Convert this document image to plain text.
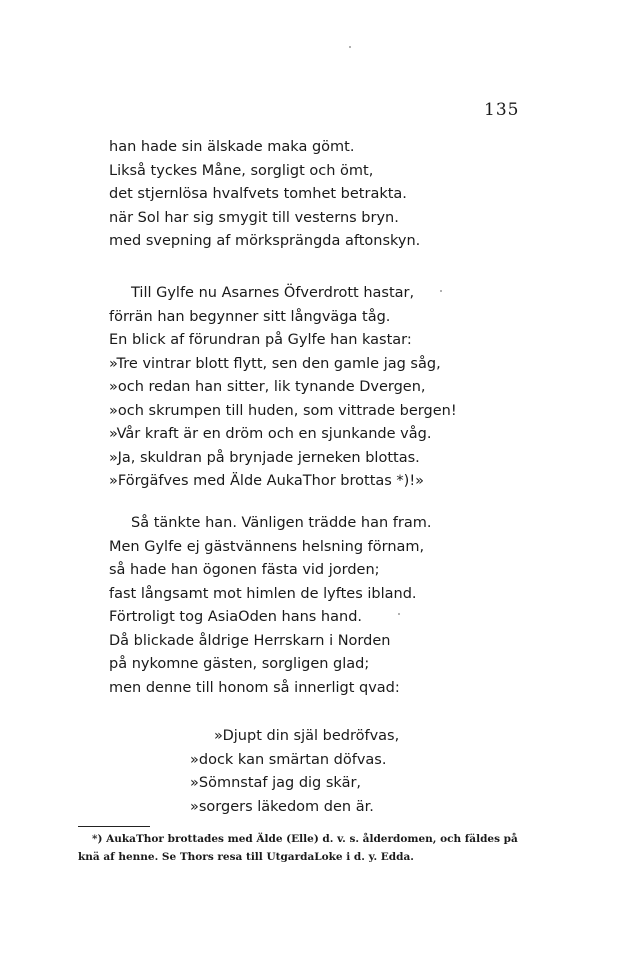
135
han hade sin älskade maka gömt.
Likså tyckes Måne, sorgligt och ömt,
det stjernlösa hvalfvets tomhet betrakta.
när Sol har sig smygit till vesterns bryn.
med svepning af mörksprängda aftonskyn.
Till Gylfe nu Asarnes Öfverdrott hastar,
förrän han begynner sitt långväga tåg.
En blick af förundran på Gylfe han kastar:
»Tre vintrar blott flytt, sen den gamle jag såg,
»och redan han sitter, lik tynande Dvergen,
»och skrumpen till huden, som vittrade bergen!
»Vår kraft är en dröm och en sjunkande våg.
»Ja, skuldran på brynjade jerneken blottas.
»Förgäfves med Älde AukaThor brottas *)!»
Så tänkte han. Vänligen trädde han fram.
Men Gylfe ej gästvännens helsning förnam,
så hade han ögonen fästa vid jorden;
fast långsamt mot himlen de lyftes ibland.
Förtroligt tog AsiaOden hans hand.
Då blickade åldrige Herrskarn i Norden
på nykomne gästen, sorgligen glad;
men denne till honom så innerligt qvad:
»Djupt din själ bedröfvas,
»dock kan smärtan döfvas.
»Sömnstaf jag dig skär,
»sorgers läkedom den är.
*) AukaThor brottades med Älde (Elle) d. v. s. ålderdomen, och fäldes på
knä af henne. Se Thors resa till UtgardaLoke i d. y. Edda.
